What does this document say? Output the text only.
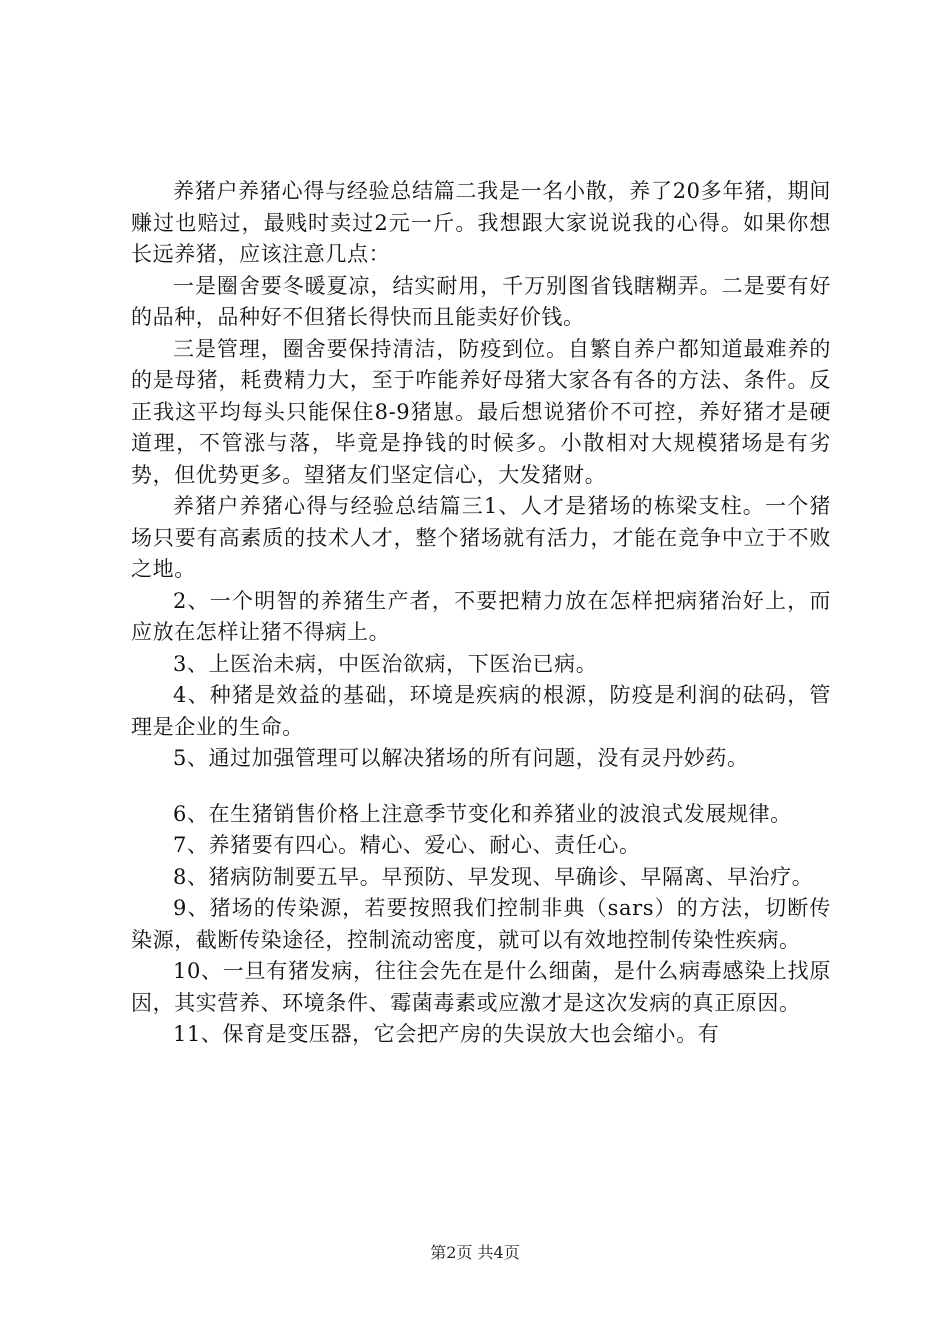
养猪户养猪心得与经验总结篇二我是一名小散，养了20多年猪，期间赚过也赔过，最贱时卖过2元一斤。我想跟大家说说我的心得。如果你想长远养猪，应该注意几点：

一是圈舍要冬暖夏凉，结实耐用，千万别图省钱瞎糊弄。二是要有好的品种，品种好不但猪长得快而且能卖好价钱。

三是管理，圈舍要保持清洁，防疫到位。自繁自养户都知道最难养的的是母猪，耗费精力大，至于咋能养好母猪大家各有各的方法、条件。反正我这平均每头只能保住8-9猪崽。最后想说猪价不可控，养好猪才是硬道理，不管涨与落，毕竟是挣钱的时候多。小散相对大规模猪场是有劣势，但优势更多。望猪友们坚定信心，大发猪财。

养猪户养猪心得与经验总结篇三1、人才是猪场的栋梁支柱。一个猪场只要有高素质的技术人才，整个猪场就有活力，才能在竞争中立于不败之地。

2、一个明智的养猪生产者，不要把精力放在怎样把病猪治好上，而应放在怎样让猪不得病上。

3、上医治未病，中医治欲病，下医治已病。

4、种猪是效益的基础，环境是疾病的根源，防疫是利润的砝码，管理是企业的生命。

5、通过加强管理可以解决猪场的所有问题，没有灵丹妙药。

6、在生猪销售价格上注意季节变化和养猪业的波浪式发展规律。

7、养猪要有四心。精心、爱心、耐心、责任心。

8、猪病防制要五早。早预防、早发现、早确诊、早隔离、早治疗。

9、猪场的传染源，若要按照我们控制非典（sars）的方法，切断传染源，截断传染途径，控制流动密度，就可以有效地控制传染性疾病。

10、一旦有猪发病，往往会先在是什么细菌，是什么病毒感染上找原因，其实营养、环境条件、霉菌毒素或应激才是这次发病的真正原因。

11、保育是变压器，它会把产房的失误放大也会缩小。有

第2页 共4页
